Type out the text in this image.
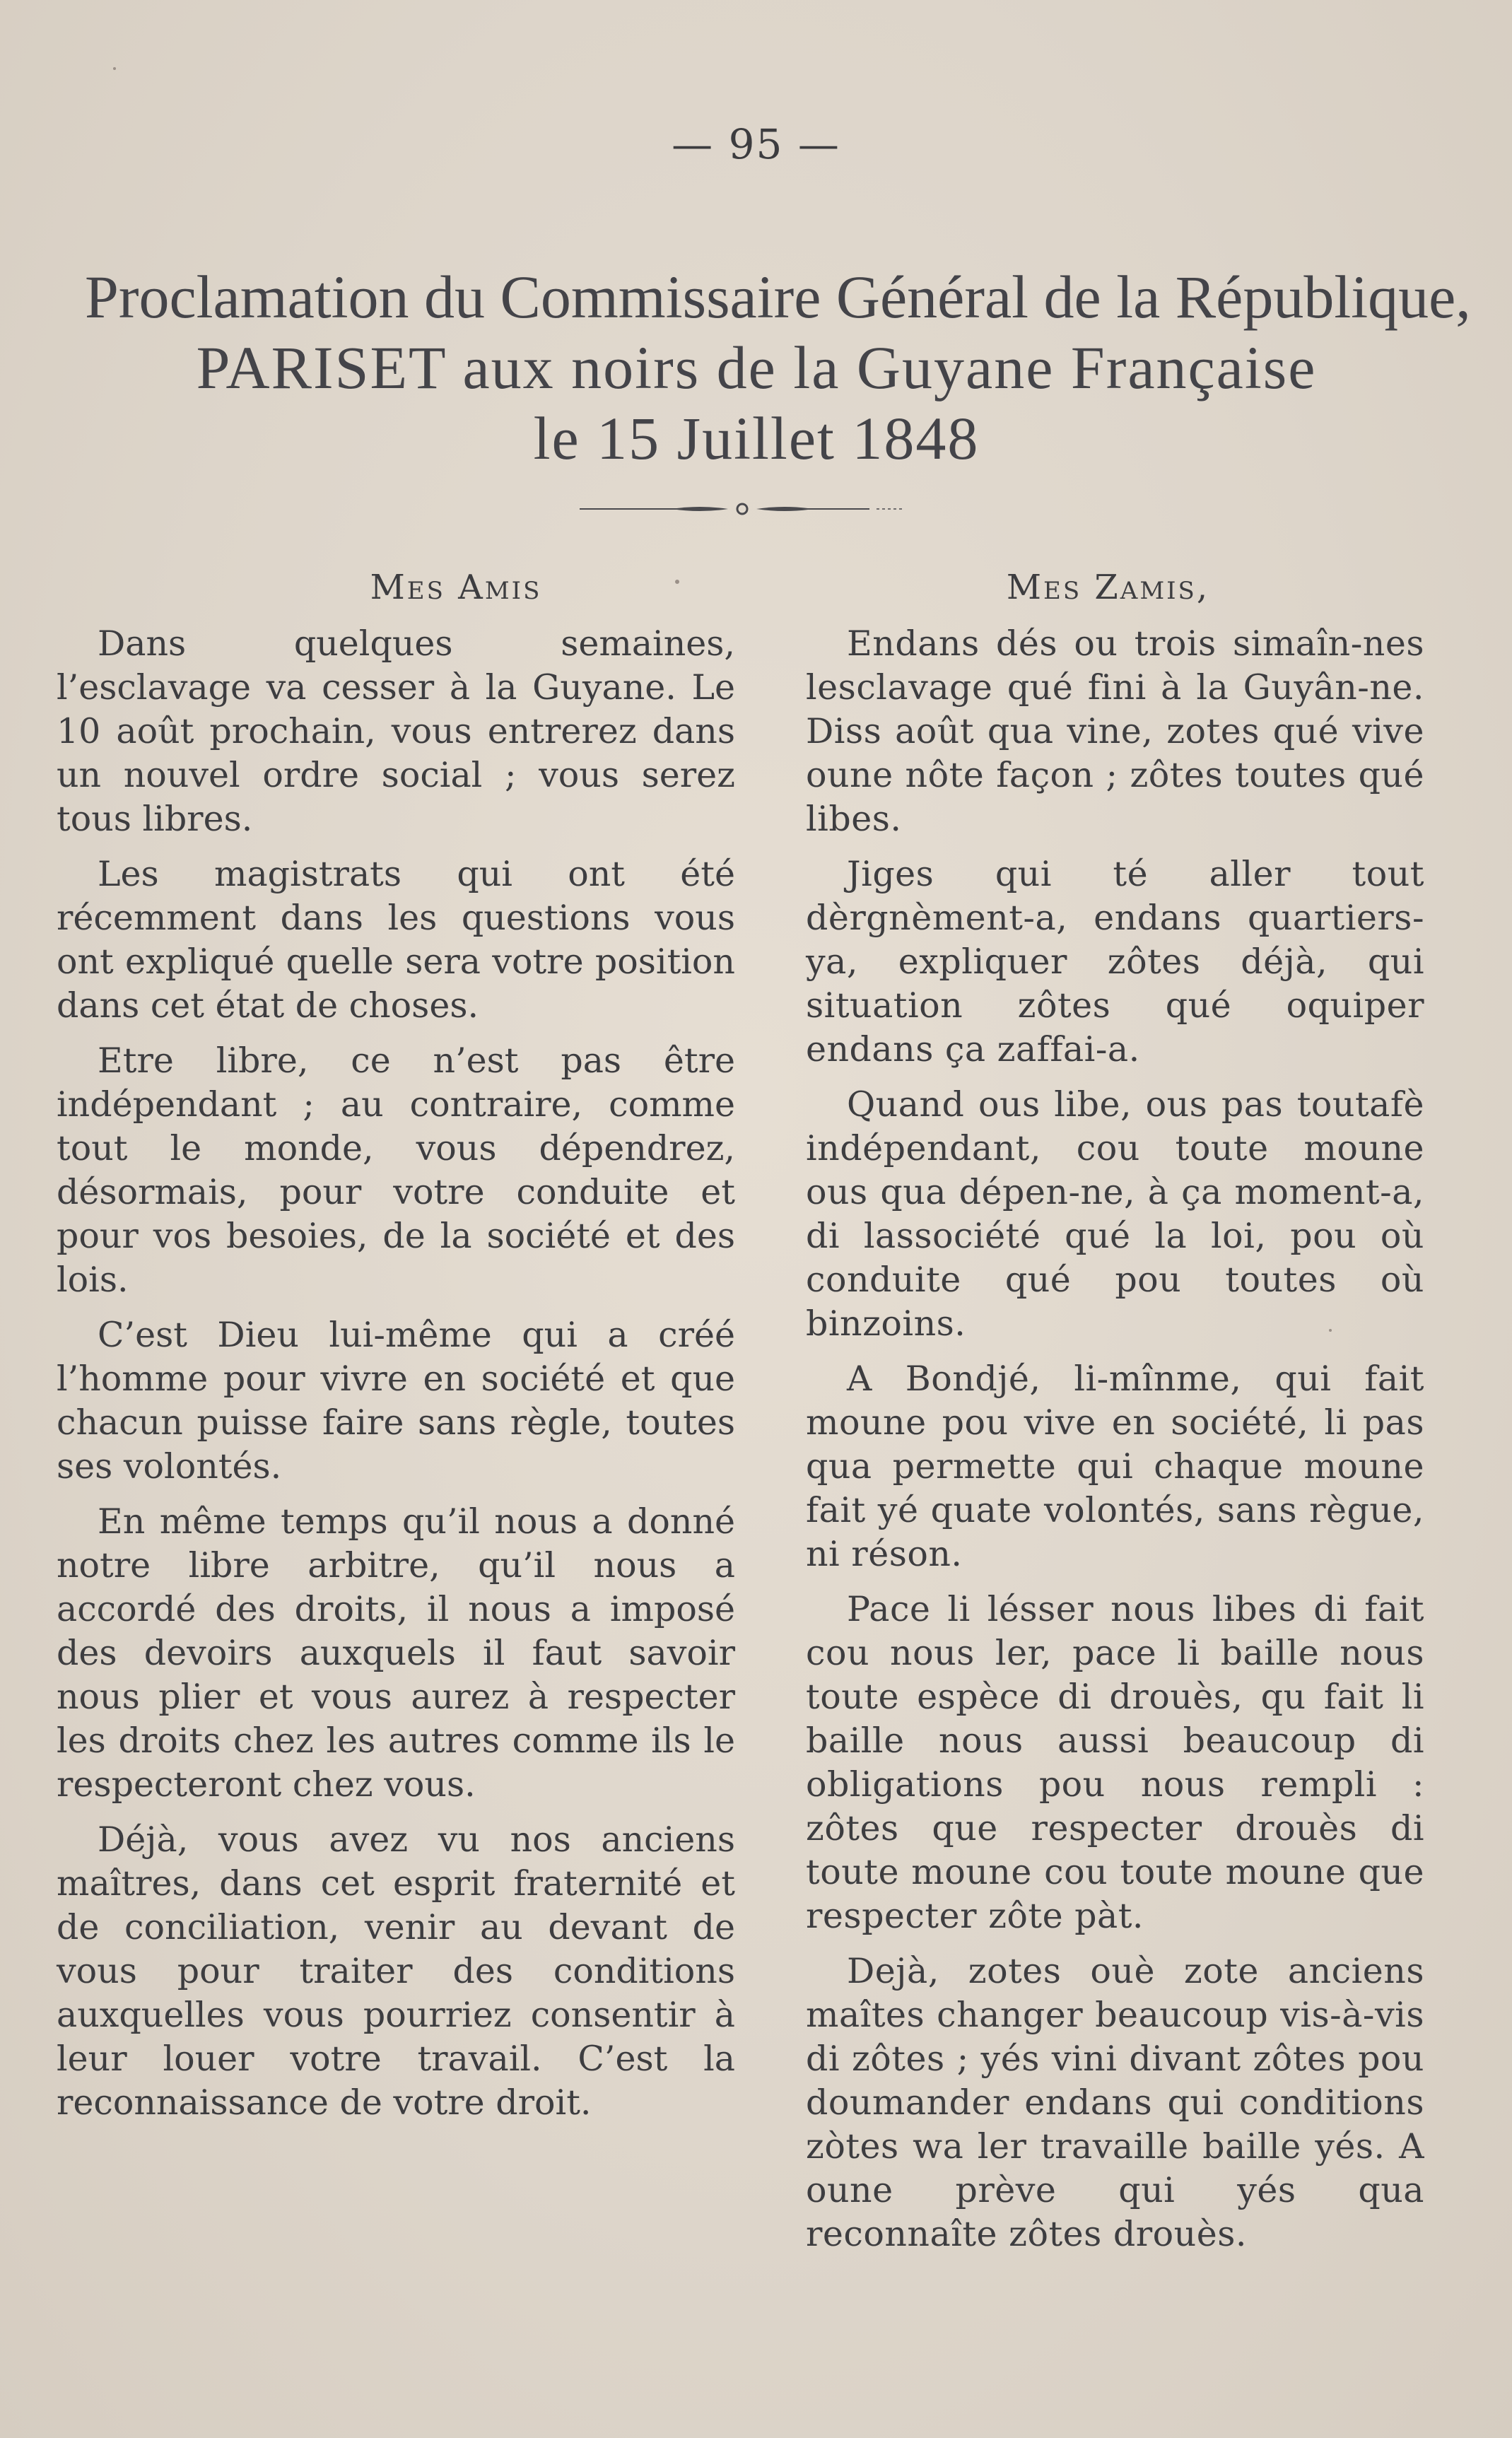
— 95 —
Proclamation du Commissaire Général de la République,
PARISET aux noirs de la Guyane Française
le 15 Juillet 1848
Mes Amis

Dans quelques semaines, l’esclavage va cesser à la Guyane. Le 10 août prochain, vous entrerez dans un nouvel ordre social ; vous serez tous libres.

Les magistrats qui ont été récemment dans les questions vous ont expliqué quelle sera votre position dans cet état de choses.

Etre libre, ce n’est pas être indépendant ; au contraire, comme tout le monde, vous dépendrez, désormais, pour votre conduite et pour vos besoies, de la société et des lois.

C’est Dieu lui-même qui a créé l’homme pour vivre en société et que chacun puisse faire sans règle, toutes ses volontés.

En même temps qu’il nous a donné notre libre arbitre, qu’il nous a accordé des droits, il nous a imposé des devoirs auxquels il faut savoir nous plier et vous aurez à respecter les droits chez les autres comme ils le respecteront chez vous.

Déjà, vous avez vu nos anciens maîtres, dans cet esprit fraternité et de conciliation, venir au devant de vous pour traiter des conditions auxquelles vous pourriez consentir à leur louer votre travail. C’est la reconnaissance de votre droit.

Mes Zamis,

Endans dés ou trois simaîn-nes lesclavage qué fini à la Guyân-ne. Diss août qua vine, zotes qué vive oune nôte façon ; zôtes toutes qué libes.

Jiges qui té aller tout dèrgnèment-a, endans quartiers-ya, expliquer zôtes déjà, qui situation zôtes qué oquiper endans ça zaffai-a.

Quand ous libe, ous pas toutafè indépendant, cou toute moune ous qua dépen-ne, à ça moment-a, di lassociété qué la loi, pou où conduite qué pou toutes où binzoins.

A Bondjé, li-mînme, qui fait moune pou vive en société, li pas qua permette qui chaque moune fait yé quate volontés, sans règue, ni réson.

Pace li lésser nous libes di fait cou nous ler, pace li baille nous toute espèce di drouès, qu fait li baille nous aussi beaucoup di obligations pou nous rempli : zôtes que respecter drouès di toute moune cou toute moune que respecter zôte pàt.

Dejà, zotes ouè zote anciens maîtes changer beaucoup vis-à-vis di zôtes ; yés vini divant zôtes pou doumander endans qui conditions zòtes wa ler travaille baille yés. A oune prève qui yés qua reconnaîte zôtes drouès.
